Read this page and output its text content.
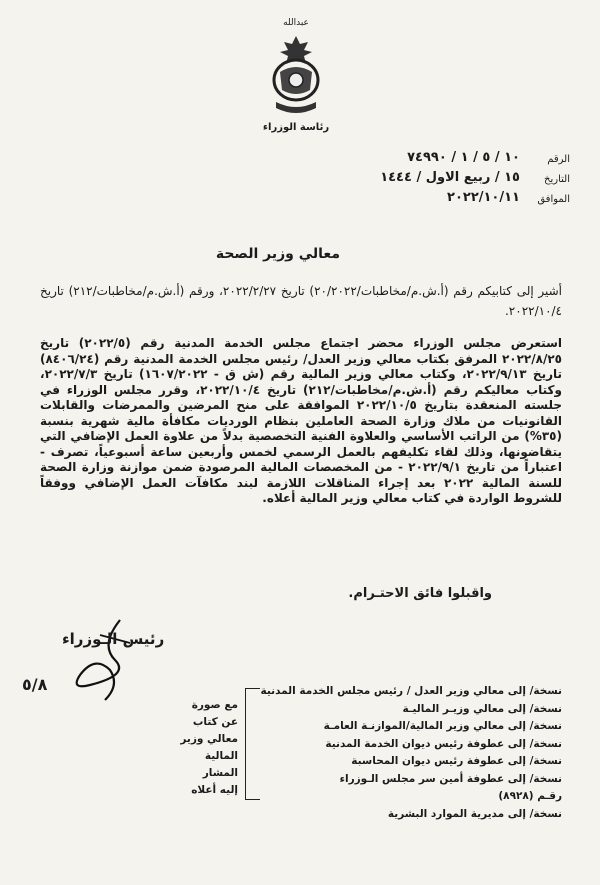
ﻋﺒﺪﺍﻟﻠﻪ
رئاسة الوزراء
الرقم
التاريخ
الموافق
١٠ / ٥ / ١ / ٧٤٩٩٠
١٥ / ربيع الاول / ١٤٤٤
٢٠٢٢/١٠/١١
معالي وزير الصحة
أشير إلى كتابيكم رقم (أ.ش.م/مخاطبات/٢٠/٢٠٢٢) تاريخ ٢٠٢٢/٢/٢٧، ورقم (أ.ش.م/مخاطبات/٢١٢) تاريخ ٢٠٢٢/١٠/٤.
استعرض مجلس الوزراء محضر اجتماع مجلس الخدمة المدنية رقم (٢٠٢٢/٥) تاريخ ٢٠٢٢/٨/٢٥ المرفق بكتاب معالي وزير العدل/ رئيس مجلس الخدمة المدنية رقم (٨٤٠٦/٢٤) تاريخ ٢٠٢٢/٩/١٣، وكتاب معالي وزير المالية رقم (ش ق - ١٦٠٧/٢٠٢٢) تاريخ ٢٠٢٢/٧/٣، وكتاب معاليكم رقم (أ.ش.م/مخاطبات/٢١٢) تاريخ ٢٠٢٢/١٠/٤، وقرر مجلس الوزراء في جلسته المنعقدة بتاريخ ٢٠٢٢/١٠/٥ الموافقة على منح المرضين والممرضات والقابلات القانونيات من ملاك وزارة الصحة العاملين بنظام الورديات مكافأة مالية شهرية بنسبة (٣٥%) من الراتب الأساسي والعلاوة الفنية التخصصية بدلاً من علاوة العمل الإضافي التي يتقاضونها، وذلك لقاء تكليفهم بالعمل الرسمي لخمس وأربعين ساعة أسبوعياً، تصرف - اعتباراً من تاريخ ٢٠٢٢/٩/١ - من المخصصات المالية المرصودة ضمن موازنة وزارة الصحة للسنة المالية ٢٠٢٢ بعد إجراء المناقلات اللازمة لبند مكافآت العمل الإضافي ووفقاً للشروط الواردة في كتاب معالي وزير المالية أعلاه.
واقبلوا فائق الاحتـرام.
رئيس الـوزراء
٥/٨	نسخة/ إلى معالي وزير العدل / رئيس مجلس الخدمة المدنية
نسخة/ إلى معالي وزيـر الماليـة
نسخة/ إلى معالي وزير المالية/الموازنـة العامـة
نسخة/ إلى عطوفة رئيس ديوان الخدمة المدنية
نسخة/ إلى عطوفة رئيس ديوان المحاسبة
نسخة/ إلى عطوفة أمين سر مجلس الـوزراء
رقـم (٨٩٢٨)
نسخة/ إلى مديرية الموارد البشرية
مع صورة
عن كتاب
معالي وزير
المالية المشار
إليه أعلاه
